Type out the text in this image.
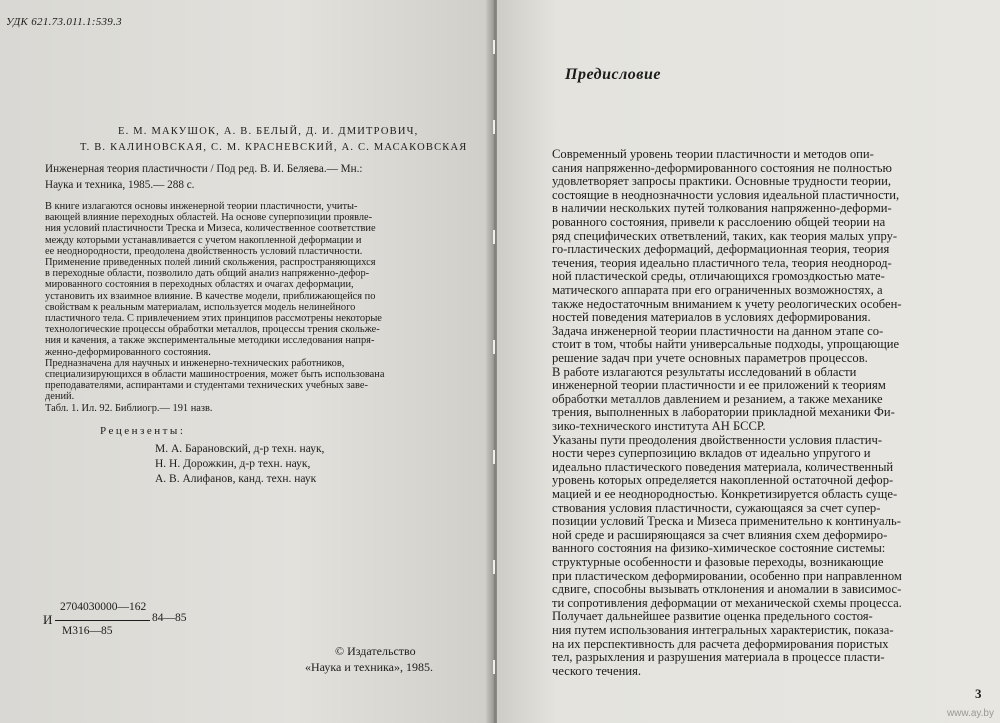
УДК 621.73.011.1:539.3
Е. М. МАКУШОК, А. В. БЕЛЫЙ, Д. И. ДМИТРОВИЧ,
Т. В. КАЛИНОВСКАЯ, С. М. КРАСНЕВСКИЙ, А. С. МАСАКОВСКАЯ
Инженерная теория пластичности / Под ред. В. И. Беляева.— Мн.:
Наука и техника, 1985.— 288 с.
В книге излагаются основы инженерной теории пластичности, учиты-
вающей влияние переходных областей. На основе суперпозиции проявле-
ния условий пластичности Треска и Мизеса, количественное соответствие
между которыми устанавливается с учетом накопленной деформации и
ее неоднородности, преодолена двойственность условий пластичности.
Применение приведенных полей линий скольжения, распространяющихся
в переходные области, позволило дать общий анализ напряженно-дефор-
мированного состояния в переходных областях и очагах деформации,
установить их взаимное влияние. В качестве модели, приближающейся по
свойствам к реальным материалам, используется модель нелинейного
пластичного тела. С привлечением этих принципов рассмотрены некоторые
технологические процессы обработки металлов, процессы трения скольже-
ния и качения, а также экспериментальные методики исследования напря-
женно-деформированного состояния.
Предназначена для научных и инженерно-технических работников,
специализирующихся в области машиностроения, может быть использована
преподавателями, аспирантами и студентами технических учебных заве-
дений.
Табл. 1. Ил. 92. Библиогр.— 191 назв.
Рецензенты:
М. А. Барановский, д-р техн. наук,
Н. Н. Дорожкин, д-р техн. наук,
А. В. Алифанов, канд. техн. наук
2704030000—162
И	84—85
М316—85
© Издательство
«Наука и техника», 1985.
Предисловие
Современный уровень теории пластичности и методов опи-
сания напряженно-деформированного состояния не полностью
удовлетворяет запросы практики. Основные трудности теории,
состоящие в неоднозначности условия идеальной пластичности,
в наличии нескольких путей толкования напряженно-деформи-
рованного состояния, привели к расслоению общей теории на
ряд специфических ответвлений, таких, как теория малых упру-
го-пластических деформаций, деформационная теория, теория
течения, теория идеально пластичного тела, теория неоднород-
ной пластической среды, отличающихся громоздкостью мате-
матического аппарата при его ограниченных возможностях, а
также недостаточным вниманием к учету реологических особен-
ностей поведения материалов в условиях деформирования.
Задача инженерной теории пластичности на данном этапе со-
стоит в том, чтобы найти универсальные подходы, упрощающие
решение задач при учете основных параметров процессов.
В работе излагаются результаты исследований в области
инженерной теории пластичности и ее приложений к теориям
обработки металлов давлением и резанием, а также механике
трения, выполненных в лаборатории прикладной механики Фи-
зико-технического института АН БССР.
Указаны пути преодоления двойственности условия пластич-
ности через суперпозицию вкладов от идеально упругого и
идеально пластического поведения материала, количественный
уровень которых определяется накопленной остаточной дефор-
мацией и ее неоднородностью. Конкретизируется область суще-
ствования условия пластичности, сужающаяся за счет супер-
позиции условий Треска и Мизеса применительно к континуаль-
ной среде и расширяющаяся за счет влияния схем деформиро-
ванного состояния на физико-химическое состояние системы:
структурные особенности и фазовые переходы, возникающие
при пластическом деформировании, особенно при направленном
сдвиге, способны вызывать отклонения и аномалии в зависимос-
ти сопротивления деформации от механической схемы процесса.
Получает дальнейшее развитие оценка предельного состоя-
ния путем использования интегральных характеристик, показа-
на их перспективность для расчета деформирования пористых
тел, разрыхления и разрушения материала в процессе пласти-
ческого течения.
3
www.ay.by
